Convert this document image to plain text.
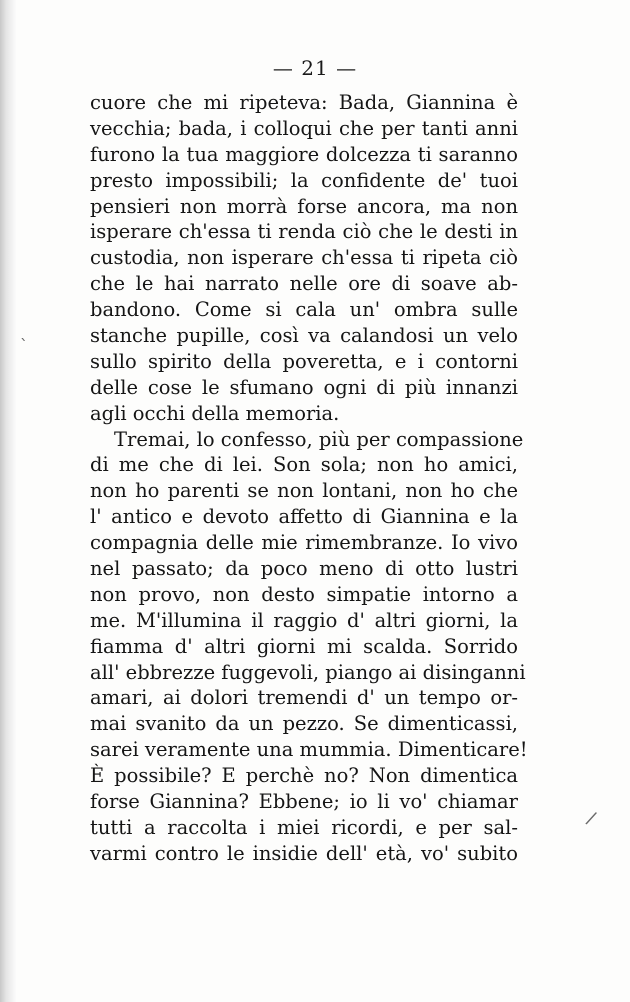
— 21 —
cuore che mi ripeteva: Bada, Giannina è
vecchia; bada, i colloqui che per tanti anni
furono la tua maggiore dolcezza ti saranno
presto impossibili; la confidente de' tuoi
pensieri non morrà forse ancora, ma non
isperare ch'essa ti renda ciò che le desti in
custodia, non isperare ch'essa ti ripeta ciò
che le hai narrato nelle ore di soave ab-
bandono. Come si cala un' ombra sulle
stanche pupille, così va calandosi un velo
sullo spirito della poveretta, e i contorni
delle cose le sfumano ogni di più innanzi
agli occhi della memoria.
Tremai, lo confesso, più per compassione
di me che di lei. Son sola; non ho amici,
non ho parenti se non lontani, non ho che
l' antico e devoto affetto di Giannina e la
compagnia delle mie rimembranze. Io vivo
nel passato; da poco meno di otto lustri
non provo, non desto simpatie intorno a
me. M'illumina il raggio d' altri giorni, la
fiamma d' altri giorni mi scalda. Sorrido
all' ebbrezze fuggevoli, piango ai disinganni
amari, ai dolori tremendi d' un tempo or-
mai svanito da un pezzo. Se dimenticassi,
sarei veramente una mummia. Dimenticare!
È possibile? E perchè no? Non dimentica
forse Giannina? Ebbene; io li vo' chiamar
tutti a raccolta i miei ricordi, e per sal-
varmi contro le insidie dell' età, vo' subito
ˋ
/
